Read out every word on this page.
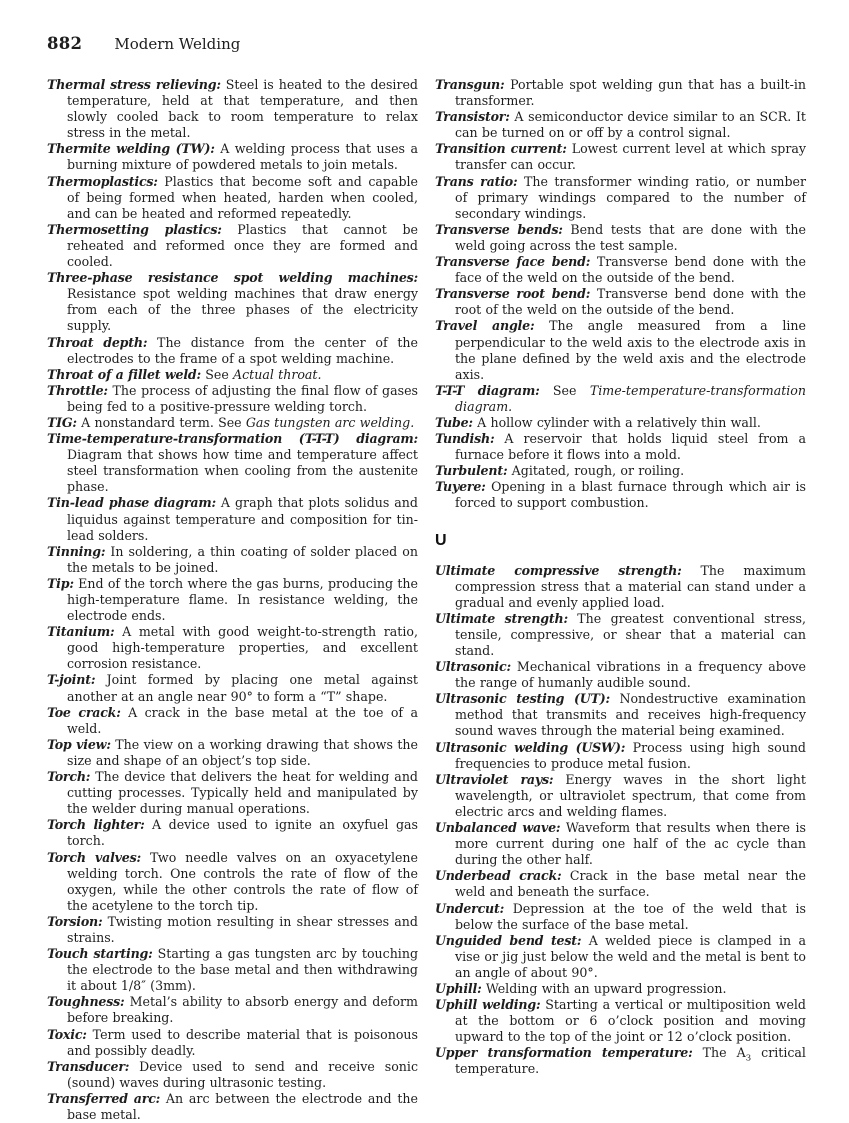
882 Modern Welding

Thermal stress relieving: Steel is heated to the desired temperature, held at that temperature, and then slowly cooled back to room temperature to relax stress in the metal.

Thermite welding (TW): A welding process that uses a burning mixture of powdered metals to join metals.

Thermoplastics: Plastics that become soft and capable of being formed when heated, harden when cooled, and can be heated and reformed repeatedly.

Thermosetting plastics: Plastics that cannot be reheated and reformed once they are formed and cooled.

Three-phase resistance spot welding machines: Resistance spot welding machines that draw energy from each of the three phases of the electricity supply.

Throat depth: The distance from the center of the electrodes to the frame of a spot welding machine.

Throat of a fillet weld: See Actual throat.

Throttle: The process of adjusting the final flow of gases being fed to a positive-pressure welding torch.

TIG: A nonstandard term. See Gas tungsten arc welding.

Time-temperature-transformation (T-T-T) diagram: Diagram that shows how time and temperature affect steel transformation when cooling from the austenite phase.

Tin-lead phase diagram: A graph that plots solidus and liquidus against temperature and composition for tin-lead solders.

Tinning: In soldering, a thin coating of solder placed on the metals to be joined.

Tip: End of the torch where the gas burns, producing the high-temperature flame. In resistance welding, the electrode ends.

Titanium: A metal with good weight-to-strength ratio, good high-temperature properties, and excellent corrosion resistance.

T-joint: Joint formed by placing one metal against another at an angle near 90° to form a “T” shape.

Toe crack: A crack in the base metal at the toe of a weld.

Top view: The view on a working drawing that shows the size and shape of an object’s top side.

Torch: The device that delivers the heat for welding and cutting processes. Typically held and manipulated by the welder during manual operations.

Torch lighter: A device used to ignite an oxyfuel gas torch.

Torch valves: Two needle valves on an oxyacetylene welding torch. One controls the rate of flow of the oxygen, while the other controls the rate of flow of the acetylene to the torch tip.

Torsion: Twisting motion resulting in shear stresses and strains.

Touch starting: Starting a gas tungsten arc by touching the electrode to the base metal and then withdrawing it about 1/8″ (3mm).

Toughness: Metal’s ability to absorb energy and deform before breaking.

Toxic: Term used to describe material that is poisonous and possibly deadly.

Transducer: Device used to send and receive sonic (sound) waves during ultrasonic testing.

Transferred arc: An arc between the electrode and the base metal.

Transgun: Portable spot welding gun that has a built-in transformer.

Transistor: A semiconductor device similar to an SCR. It can be turned on or off by a control signal.

Transition current: Lowest current level at which spray transfer can occur.

Trans ratio: The transformer winding ratio, or number of primary windings compared to the number of secondary windings.

Transverse bends: Bend tests that are done with the weld going across the test sample.

Transverse face bend: Transverse bend done with the face of the weld on the outside of the bend.

Transverse root bend: Transverse bend done with the root of the weld on the outside of the bend.

Travel angle: The angle measured from a line perpendicular to the weld axis to the electrode axis in the plane defined by the weld axis and the electrode axis.

T-T-T diagram: See Time-temperature-transformation diagram.

Tube: A hollow cylinder with a relatively thin wall.

Tundish: A reservoir that holds liquid steel from a furnace before it flows into a mold.

Turbulent: Agitated, rough, or roiling.

Tuyere: Opening in a blast furnace through which air is forced to support combustion.

U

Ultimate compressive strength: The maximum compression stress that a material can stand under a gradual and evenly applied load.

Ultimate strength: The greatest conventional stress, tensile, compressive, or shear that a material can stand.

Ultrasonic: Mechanical vibrations in a frequency above the range of humanly audible sound.

Ultrasonic testing (UT): Nondestructive examination method that transmits and receives high-frequency sound waves through the material being examined.

Ultrasonic welding (USW): Process using high sound frequencies to produce metal fusion.

Ultraviolet rays: Energy waves in the short light wavelength, or ultraviolet spectrum, that come from electric arcs and welding flames.

Unbalanced wave: Waveform that results when there is more current during one half of the ac cycle than during the other half.

Underbead crack: Crack in the base metal near the weld and beneath the surface.

Undercut: Depression at the toe of the weld that is below the surface of the base metal.

Unguided bend test: A welded piece is clamped in a vise or jig just below the weld and the metal is bent to an angle of about 90°.

Uphill: Welding with an upward progression.

Uphill welding: Starting a vertical or multiposition weld at the bottom or 6 o’clock position and moving upward to the top of the joint or 12 o’clock position.

Upper transformation temperature: The $A_3$ critical temperature.
